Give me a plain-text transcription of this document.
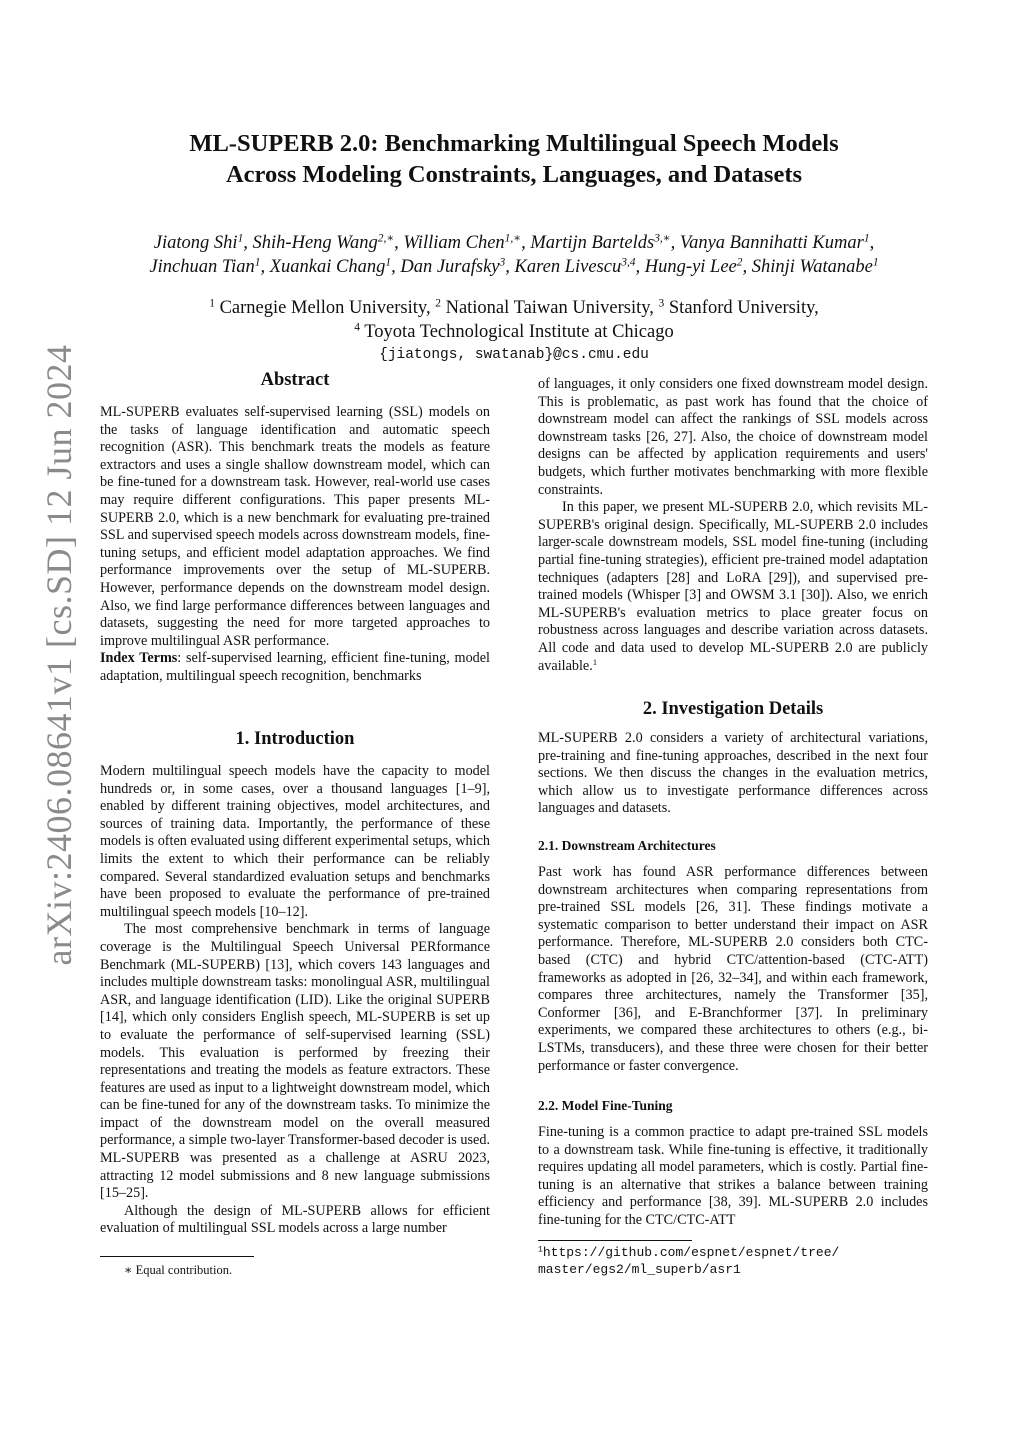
arXiv:2406.08641v1 [cs.SD] 12 Jun 2024
ML-SUPERB 2.0: Benchmarking Multilingual Speech Models
Across Modeling Constraints, Languages, and Datasets
Jiatong Shi$^1$, Shih-Heng Wang$^{2,∗}$, William Chen$^{1,∗}$, Martijn Bartelds$^{3,∗}$, Vanya Bannihatti Kumar$^1$,
Jinchuan Tian$^1$, Xuankai Chang$^1$, Dan Jurafsky$^3$, Karen Livescu$^{3,4}$, Hung-yi Lee$^2$, Shinji Watanabe$^1$
$^1$ Carnegie Mellon University, $^2$ National Taiwan University, $^3$ Stanford University,
$^4$ Toyota Technological Institute at Chicago
{jiatongs, swatanab}@cs.cmu.edu
Abstract

ML-SUPERB evaluates self-supervised learning (SSL) models on the tasks of language identification and automatic speech recognition (ASR). This benchmark treats the models as feature extractors and uses a single shallow downstream model, which can be fine-tuned for a downstream task. However, real-world use cases may require different configurations. This paper presents ML-SUPERB 2.0, which is a new benchmark for evaluating pre-trained SSL and supervised speech models across downstream models, fine-tuning setups, and efficient model adaptation approaches. We find performance improvements over the setup of ML-SUPERB. However, performance depends on the downstream model design. Also, we find large performance differences between languages and datasets, suggesting the need for more targeted approaches to improve multilingual ASR performance.

Index Terms: self-supervised learning, efficient fine-tuning, model adaptation, multilingual speech recognition, benchmarks

1. Introduction

Modern multilingual speech models have the capacity to model hundreds or, in some cases, over a thousand languages [1–9], enabled by different training objectives, model architectures, and sources of training data. Importantly, the performance of these models is often evaluated using different experimental setups, which limits the extent to which their performance can be reliably compared. Several standardized evaluation setups and benchmarks have been proposed to evaluate the performance of pre-trained multilingual speech models [10–12].

The most comprehensive benchmark in terms of language coverage is the Multilingual Speech Universal PERformance Benchmark (ML-SUPERB) [13], which covers 143 languages and includes multiple downstream tasks: monolingual ASR, multilingual ASR, and language identification (LID). Like the original SUPERB [14], which only considers English speech, ML-SUPERB is set up to evaluate the performance of self-supervised learning (SSL) models. This evaluation is performed by freezing their representations and treating the models as feature extractors. These features are used as input to a lightweight downstream model, which can be fine-tuned for any of the downstream tasks. To minimize the impact of the downstream model on the overall measured performance, a simple two-layer Transformer-based decoder is used. ML-SUPERB was presented as a challenge at ASRU 2023, attracting 12 model submissions and 8 new language submissions [15–25].

Although the design of ML-SUPERB allows for efficient evaluation of multilingual SSL models across a large number

∗ Equal contribution.

of languages, it only considers one fixed downstream model design. This is problematic, as past work has found that the choice of downstream model can affect the rankings of SSL models across downstream tasks [26, 27]. Also, the choice of downstream model designs can be affected by application requirements and users' budgets, which further motivates benchmarking with more flexible constraints.

In this paper, we present ML-SUPERB 2.0, which revisits ML-SUPERB's original design. Specifically, ML-SUPERB 2.0 includes larger-scale downstream models, SSL model fine-tuning (including partial fine-tuning strategies), efficient pre-trained model adaptation techniques (adapters [28] and LoRA [29]), and supervised pre-trained models (Whisper [3] and OWSM 3.1 [30]). Also, we enrich ML-SUPERB's evaluation metrics to place greater focus on robustness across languages and describe variation across datasets. All code and data used to develop ML-SUPERB 2.0 are publicly available.$^1$

2. Investigation Details

ML-SUPERB 2.0 considers a variety of architectural variations, pre-training and fine-tuning approaches, described in the next four sections. We then discuss the changes in the evaluation metrics, which allow us to investigate performance differences across languages and datasets.

2.1. Downstream Architectures

Past work has found ASR performance differences between downstream architectures when comparing representations from pre-trained SSL models [26, 31]. These findings motivate a systematic comparison to better understand their impact on ASR performance. Therefore, ML-SUPERB 2.0 considers both CTC-based (CTC) and hybrid CTC/attention-based (CTC-ATT) frameworks as adopted in [26, 32–34], and within each framework, compares three architectures, namely the Transformer [35], Conformer [36], and E-Branchformer [37]. In preliminary experiments, we compared these architectures to others (e.g., bi-LSTMs, transducers), and these three were chosen for their better performance or faster convergence.

2.2. Model Fine-Tuning

Fine-tuning is a common practice to adapt pre-trained SSL models to a downstream task. While fine-tuning is effective, it traditionally requires updating all model parameters, which is costly. Partial fine-tuning is an alternative that strikes a balance between training efficiency and performance [38, 39]. ML-SUPERB 2.0 includes fine-tuning for the CTC/CTC-ATT

$^1$https://github.com/espnet/espnet/tree/
master/egs2/ml_superb/asr1
